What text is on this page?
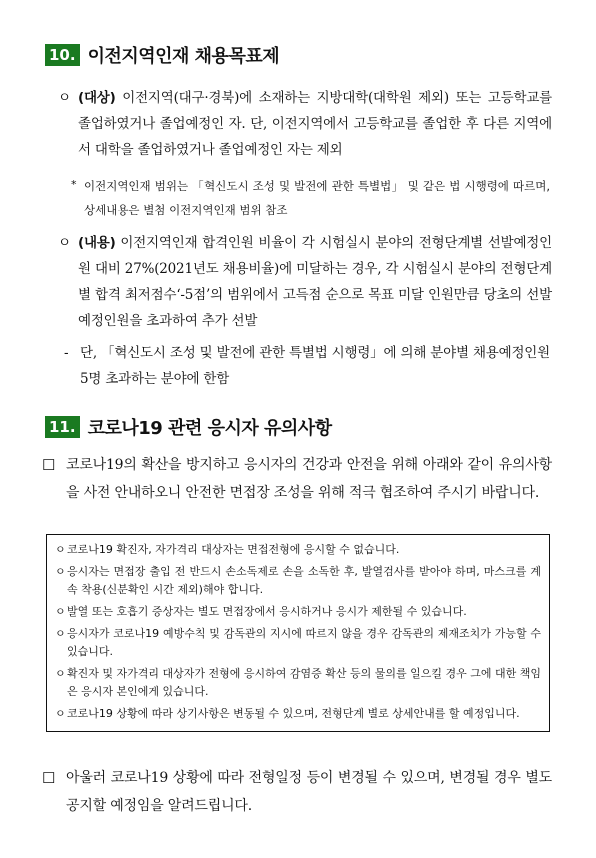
10. 이전지역인재 채용목표제
ㅇ (대상) 이전지역(대구·경북)에 소재하는 지방대학(대학원 제외) 또는 고등학교를 졸업하였거나 졸업예정인 자. 단, 이전지역에서 고등학교를 졸업한 후 다른 지역에서 대학을 졸업하였거나 졸업예정인 자는 제외
* 이전지역인재 범위는 「혁신도시 조성 및 발전에 관한 특별법」 및 같은 법 시행령에 따르며, 상세내용은 별첨 이전지역인재 범위 참조
ㅇ (내용) 이전지역인재 합격인원 비율이 각 시험실시 분야의 전형단계별 선발예정인원 대비 27%(2021년도 채용비율)에 미달하는 경우, 각 시험실시 분야의 전형단계별 합격 최저점수‘-5점’의 범위에서 고득점 순으로 목표 미달 인원만큼 당초의 선발예정인원을 초과하여 추가 선발
- 단, 「혁신도시 조성 및 발전에 관한 특별법 시행령」에 의해 분야별 채용예정인원 5명 초과하는 분야에 한함
11. 코로나19 관련 응시자 유의사항
☐ 코로나19의 확산을 방지하고 응시자의 건강과 안전을 위해 아래와 같이 유의사항을 사전 안내하오니 안전한 면접장 조성을 위해 적극 협조하여 주시기 바랍니다.
ㅇ 코로나19 확진자, 자가격리 대상자는 면접전형에 응시할 수 없습니다.
ㅇ 응시자는 면접장 출입 전 반드시 손소독제로 손을 소독한 후, 발열검사를 받아야 하며, 마스크를 계속 착용(신분확인 시간 제외)해야 합니다.
ㅇ 발열 또는 호흡기 증상자는 별도 면접장에서 응시하거나 응시가 제한될 수 있습니다.
ㅇ 응시자가 코로나19 예방수칙 및 감독관의 지시에 따르지 않을 경우 감독관의 제재조치가 가능할 수 있습니다.
ㅇ 확진자 및 자가격리 대상자가 전형에 응시하여 감염증 확산 등의 물의를 일으킬 경우 그에 대한 책임은 응시자 본인에게 있습니다.
ㅇ 코로나19 상황에 따라 상기사항은 변동될 수 있으며, 전형단계 별로 상세안내를 할 예정입니다.
☐ 아울러 코로나19 상황에 따라 전형일정 등이 변경될 수 있으며, 변경될 경우 별도 공지할 예정임을 알려드립니다.
